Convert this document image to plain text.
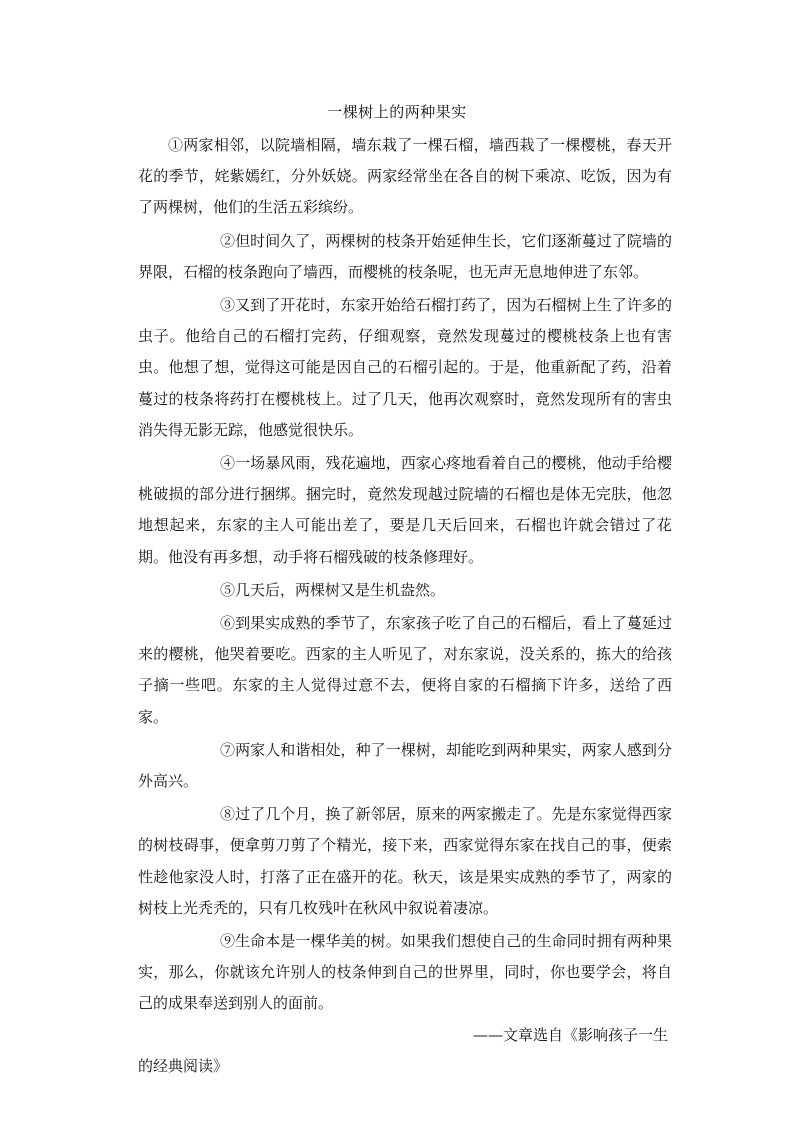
一棵树上的两种果实

①两家相邻，以院墙相隔，墙东栽了一棵石榴，墙西栽了一棵樱桃，春天开花的季节，姹紫嫣红，分外妖娆。两家经常坐在各自的树下乘凉、吃饭，因为有了两棵树，他们的生活五彩缤纷。

②但时间久了，两棵树的枝条开始延伸生长，它们逐渐蔓过了院墙的界限，石榴的枝条跑向了墙西，而樱桃的枝条呢，也无声无息地伸进了东邻。

③又到了开花时，东家开始给石榴打药了，因为石榴树上生了许多的虫子。他给自己的石榴打完药，仔细观察，竟然发现蔓过的樱桃枝条上也有害虫。他想了想，觉得这可能是因自己的石榴引起的。于是，他重新配了药，沿着蔓过的枝条将药打在樱桃枝上。过了几天，他再次观察时，竟然发现所有的害虫消失得无影无踪，他感觉很快乐。

④一场暴风雨，残花遍地，西家心疼地看着自己的樱桃，他动手给樱桃破损的部分进行捆绑。捆完时，竟然发现越过院墙的石榴也是体无完肤，他忽地想起来，东家的主人可能出差了，要是几天后回来，石榴也许就会错过了花期。他没有再多想，动手将石榴残破的枝条修理好。

⑤几天后，两棵树又是生机盎然。

⑥到果实成熟的季节了，东家孩子吃了自己的石榴后，看上了蔓延过来的樱桃，他哭着要吃。西家的主人听见了，对东家说，没关系的，拣大的给孩子摘一些吧。东家的主人觉得过意不去，便将自家的石榴摘下许多，送给了西家。

⑦两家人和谐相处，种了一棵树，却能吃到两种果实，两家人感到分外高兴。

⑧过了几个月，换了新邻居，原来的两家搬走了。先是东家觉得西家的树枝碍事，便拿剪刀剪了个精光，接下来，西家觉得东家在找自己的事，便索性趁他家没人时，打落了正在盛开的花。秋天，该是果实成熟的季节了，两家的树枝上光秃秃的，只有几枚残叶在秋风中叙说着凄凉。

⑨生命本是一棵华美的树。如果我们想使自己的生命同时拥有两种果实，那么，你就该允许别人的枝条伸到自己的世界里，同时，你也要学会，将自己的成果奉送到别人的面前。

——文章选自《影响孩子一生

的经典阅读》
